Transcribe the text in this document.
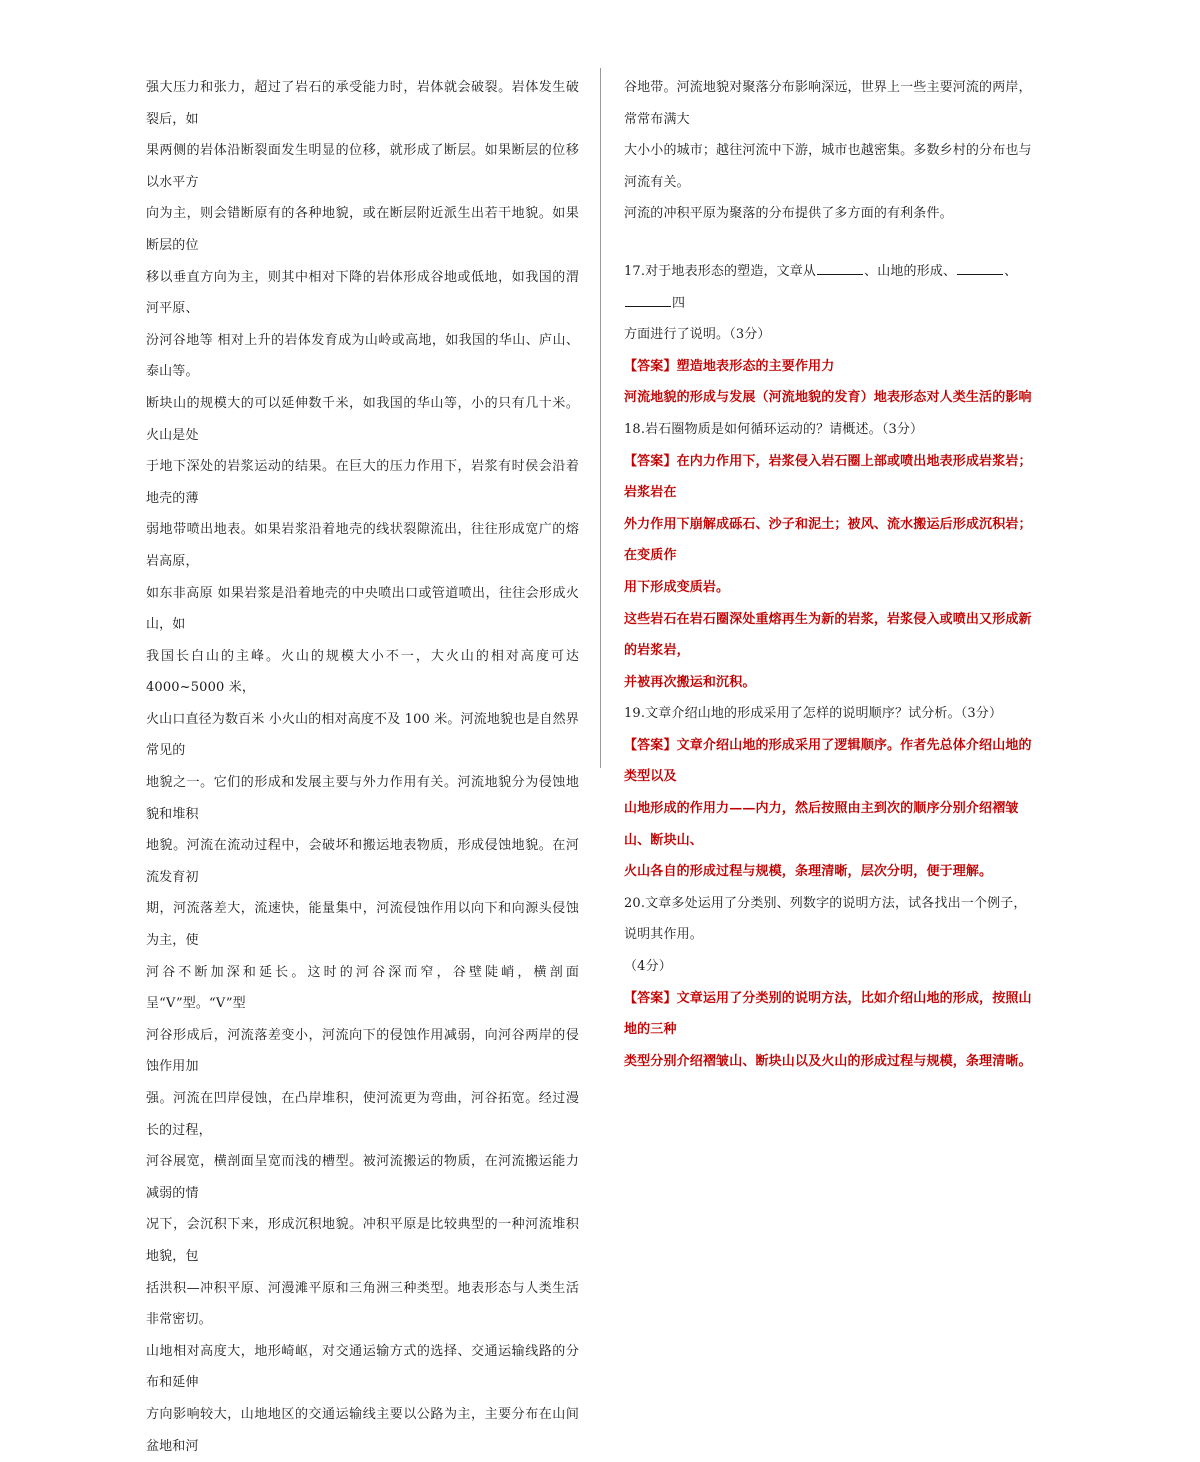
强大压力和张力，超过了岩石的承受能力时，岩体就会破裂。岩体发生破裂后，如

果两侧的岩体沿断裂面发生明显的位移，就形成了断层。如果断层的位移以水平方

向为主，则会错断原有的各种地貌，或在断层附近派生出若干地貌。如果断层的位

移以垂直方向为主，则其中相对下降的岩体形成谷地或低地，如我国的渭河平原、

汾河谷地等 相对上升的岩体发育成为山岭或高地，如我国的华山、庐山、泰山等。

断块山的规模大的可以延伸数千米，如我国的华山等，小的只有几十米。火山是处

于地下深处的岩浆运动的结果。在巨大的压力作用下，岩浆有时侯会沿着地壳的薄

弱地带喷出地表。如果岩浆沿着地壳的线状裂隙流出，往往形成宽广的熔岩高原，

如东非高原 如果岩浆是沿着地壳的中央喷出口或管道喷出，往往会形成火山，如

我国长白山的主峰。火山的规模大小不一，大火山的相对高度可达 4000~5000 米，

火山口直径为数百米 小火山的相对高度不及 100 米。河流地貌也是自然界常见的

地貌之一。它们的形成和发展主要与外力作用有关。河流地貌分为侵蚀地貌和堆积

地貌。河流在流动过程中，会破坏和搬运地表物质，形成侵蚀地貌。在河流发育初

期，河流落差大，流速快，能量集中，河流侵蚀作用以向下和向源头侵蚀为主，使

河谷不断加深和延长。这时的河谷深而窄，谷壁陡峭，横剖面呈“V”型。“V”型

河谷形成后，河流落差变小，河流向下的侵蚀作用减弱，向河谷两岸的侵蚀作用加

强。河流在凹岸侵蚀，在凸岸堆积，使河流更为弯曲，河谷拓宽。经过漫长的过程，

河谷展宽，横剖面呈宽而浅的槽型。被河流搬运的物质，在河流搬运能力减弱的情

况下，会沉积下来，形成沉积地貌。冲积平原是比较典型的一种河流堆积地貌，包

括洪积—冲积平原、河漫滩平原和三角洲三种类型。地表形态与人类生活非常密切。

山地相对高度大，地形崎岖，对交通运输方式的选择、交通运输线路的分布和延伸

方向影响较大，山地地区的交通运输线主要以公路为主，主要分布在山间盆地和河

谷地带。河流地貌对聚落分布影响深远，世界上一些主要河流的两岸，常常布满大

大小小的城市；越往河流中下游，城市也越密集。多数乡村的分布也与河流有关。

河流的冲积平原为聚落的分布提供了多方面的有利条件。

17.对于地表形态的塑造，文章从	、山地的形成、	、四

方面进行了说明。（3分）

【答案】塑造地表形态的主要作用力

河流地貌的形成与发展（河流地貌的发育）地表形态对人类生活的影响

18.岩石圈物质是如何循环运动的？请概述。（3分）

【答案】在内力作用下，岩浆侵入岩石圈上部或喷出地表形成岩浆岩；岩浆岩在

外力作用下崩解成砾石、沙子和泥土；被风、流水搬运后形成沉积岩；在变质作

用下形成变质岩。

这些岩石在岩石圈深处重熔再生为新的岩浆，岩浆侵入或喷出又形成新的岩浆岩，

并被再次搬运和沉积。

19.文章介绍山地的形成采用了怎样的说明顺序？试分析。（3分）

【答案】文章介绍山地的形成采用了逻辑顺序。作者先总体介绍山地的类型以及

山地形成的作用力——内力，然后按照由主到次的顺序分别介绍褶皱山、断块山、

火山各自的形成过程与规模，条理清晰，层次分明，便于理解。

20.文章多处运用了分类别、列数字的说明方法，试各找出一个例子，说明其作用。

（4分）

【答案】文章运用了分类别的说明方法，比如介绍山地的形成，按照山地的三种

类型分别介绍褶皱山、断块山以及火山的形成过程与规模，条理清晰。
